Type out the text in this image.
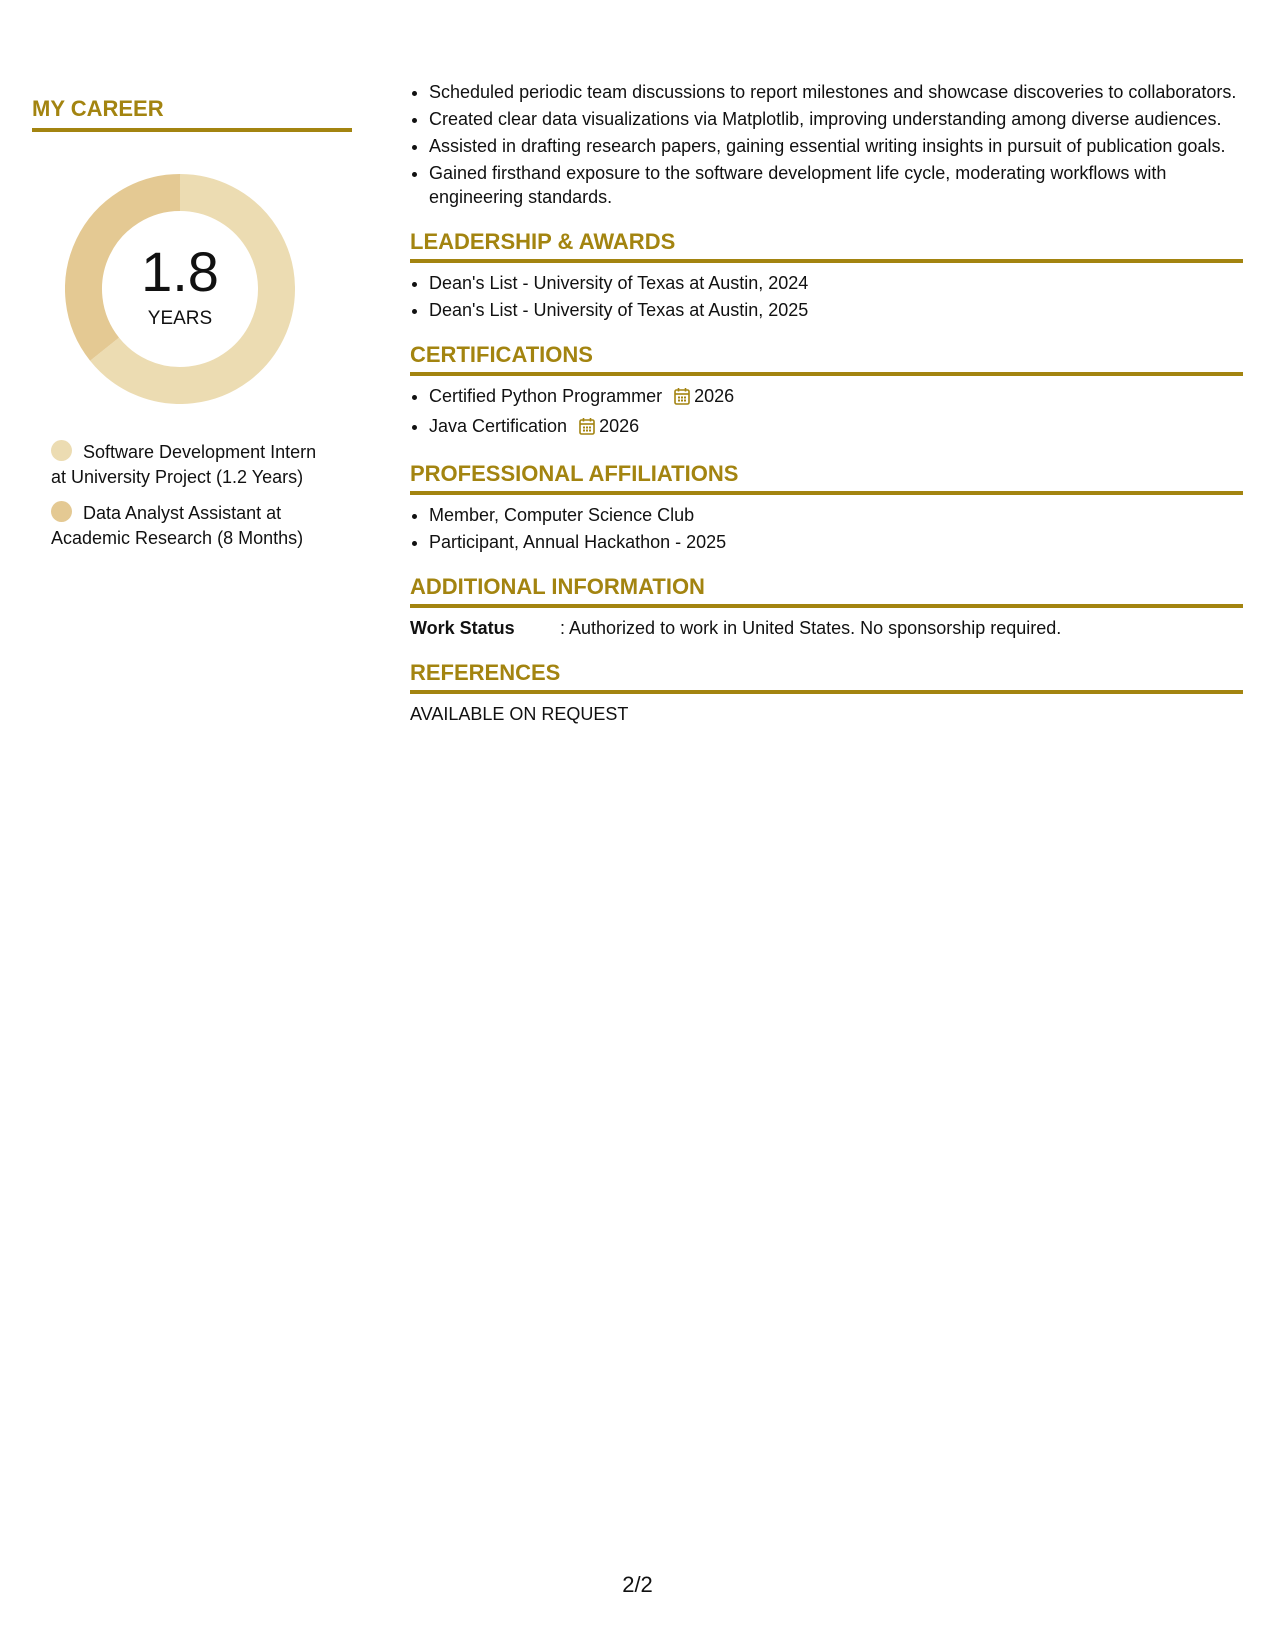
MY CAREER
1.8
YEARS
Software Development Intern at University Project (1.2 Years)
Data Analyst Assistant at Academic Research (8 Months)
• Scheduled periodic team discussions to report milestones and showcase discoveries to collaborators.
• Created clear data visualizations via Matplotlib, improving understanding among diverse audiences.
• Assisted in drafting research papers, gaining essential writing insights in pursuit of publication goals.
• Gained firsthand exposure to the software development life cycle, moderating workflows with engineering standards.
LEADERSHIP & AWARDS
• Dean's List - University of Texas at Austin, 2024
• Dean's List - University of Texas at Austin, 2025
CERTIFICATIONS
• Certified Python Programmer 2026
• Java Certification 2026
PROFESSIONAL AFFILIATIONS
• Member, Computer Science Club
• Participant, Annual Hackathon - 2025
ADDITIONAL INFORMATION
Work Status	: Authorized to work in United States. No sponsorship required.
REFERENCES
AVAILABLE ON REQUEST
2/2
